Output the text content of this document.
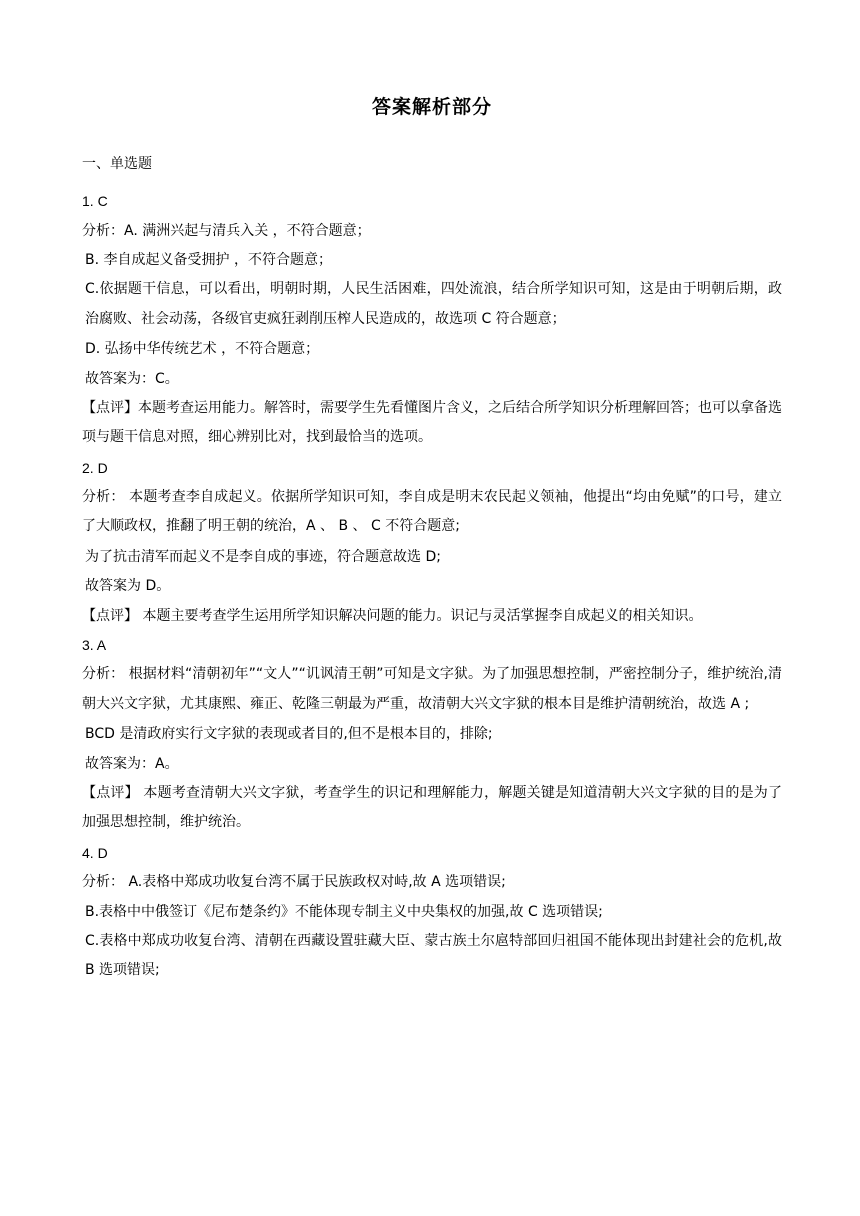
答案解析部分
一、单选题
1. C
分析：A. 满洲兴起与清兵入关 ，不符合题意；
B. 李自成起义备受拥护 ，不符合题意；
C.依据题干信息，可以看出，明朝时期，人民生活困难，四处流浪，结合所学知识可知，这是由于明朝后期，政治腐败、社会动荡，各级官吏疯狂剥削压榨人民造成的，故选项 C 符合题意；
D. 弘扬中华传统艺术 ，不符合题意；
故答案为：C。
【点评】本题考查运用能力。解答时，需要学生先看懂图片含义，之后结合所学知识分析理解回答；也可以拿备选项与题干信息对照，细心辨别比对，找到最恰当的选项。
2. D
分析： 本题考查李自成起义。依据所学知识可知，李自成是明末农民起义领袖，他提出“均由免赋”的口号，建立了大顺政权，推翻了明王朝的统治，A 、 B 、 C 不符合题意;
为了抗击清军而起义不是李自成的事迹，符合题意故选 D;
故答案为 D。
【点评】 本题主要考查学生运用所学知识解决问题的能力。识记与灵活掌握李自成起义的相关知识。
3. A
分析： 根据材料“清朝初年”“文人”“讥讽清王朝”可知是文字狱。为了加强思想控制，严密控制分子，维护统治,清朝大兴文字狱，尤其康熙、雍正、乾隆三朝最为严重，故清朝大兴文字狱的根本目是维护清朝统治，故选 A ;
BCD 是清政府实行文字狱的表现或者目的,但不是根本目的，排除;
故答案为：A。
【点评】 本题考查清朝大兴文字狱，考查学生的识记和理解能力，解题关键是知道清朝大兴文字狱的目的是为了加强思想控制，维护统治。
4. D
分析： A.表格中郑成功收复台湾不属于民族政权对峙,故 A 选项错误;
B.表格中中俄签订《尼布楚条约》不能体现专制主义中央集权的加强,故 C 选项错误;
C.表格中郑成功收复台湾、清朝在西藏设置驻藏大臣、蒙古族土尔扈特部回归祖国不能体现出封建社会的危机,故 B 选项错误;
